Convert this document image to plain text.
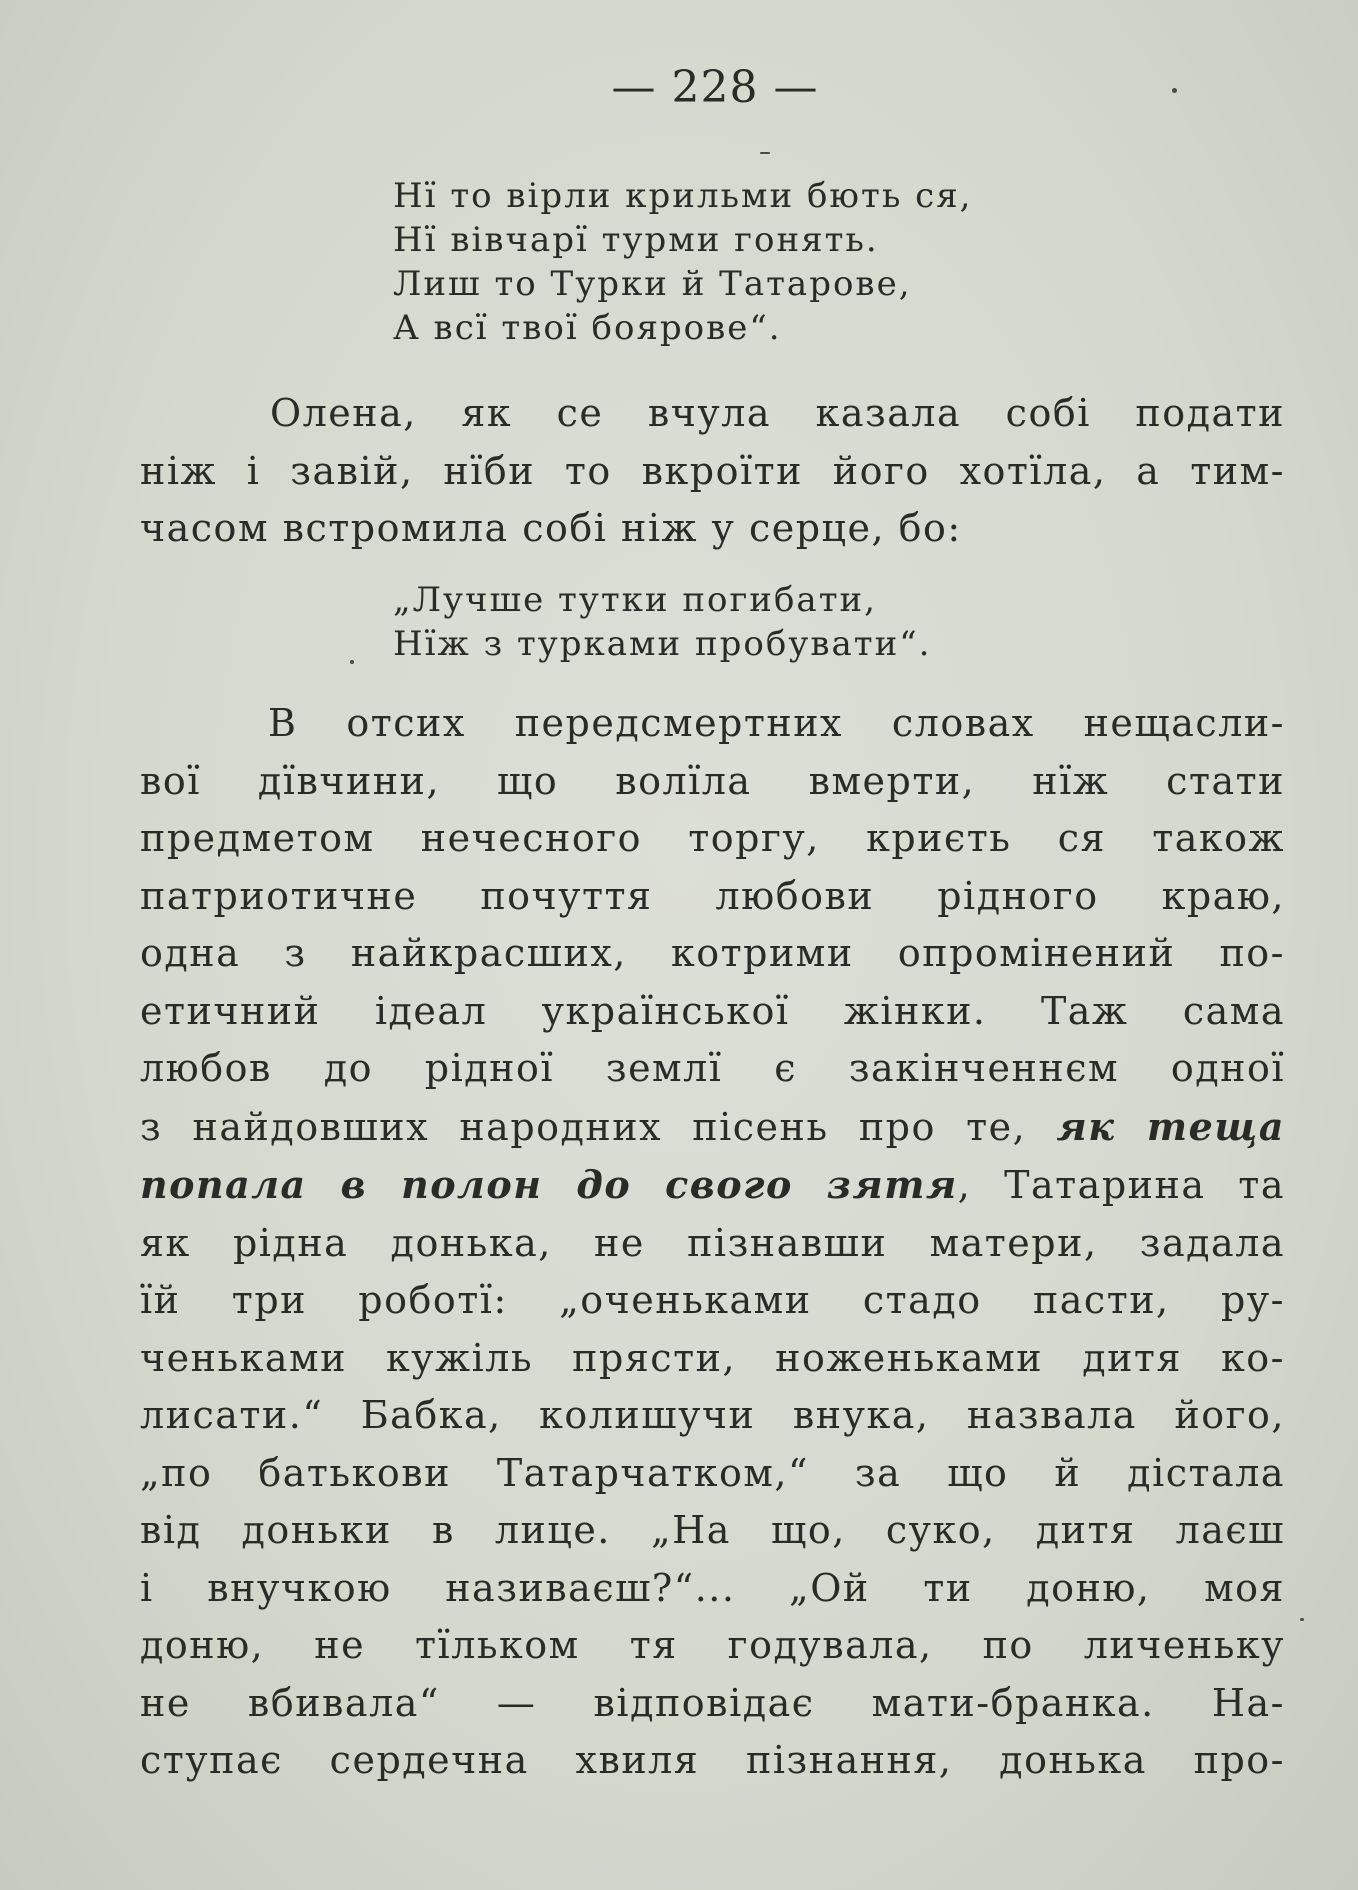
— 228 —
Нї то вірли крильми бють ся,
Нї вівчарї турми гонять.
Лиш то Турки й Татарове,
А всї твої боярове“.

Олена, як се вчула казала собі подати
ніж і завій, нїби то вкроїти його хотїла, а тим-
часом встромила собі ніж у серце, бо:

„Лучше тутки погибати,
Нїж з турками пробувати“.

В отсих передсмертних словах нещасли-
вої дївчини, що волїла вмерти, нїж стати
предметом нечесного торгу, криєть ся також
патриотичне почуття любови рідного краю,
одна з найкрасших, котрими опромінений по-
етичний ідеал української жінки. Таж сама
любов до рідної землї є закінченнєм одної
з найдовших народних пісень про те, як теща
попала в полон до свого зятя, Татарина та
як рідна донька, не пізнавши матери, задала
їй три роботї: „оченьками стадо пасти, ру-
ченьками кужіль прясти, ноженьками дитя ко-
лисати.“ Бабка, колишучи внука, назвала його,
„по батькови Татарчатком,“ за що й дістала
від доньки в лице. „На що, суко, дитя лаєш
і внучкою називаєш?“... „Ой ти доню, моя
доню, не тїльком тя годувала, по личеньку
не вбивала“ — відповідає мати-бранка. На-
ступає сердечна хвиля пізнання, донька про-
